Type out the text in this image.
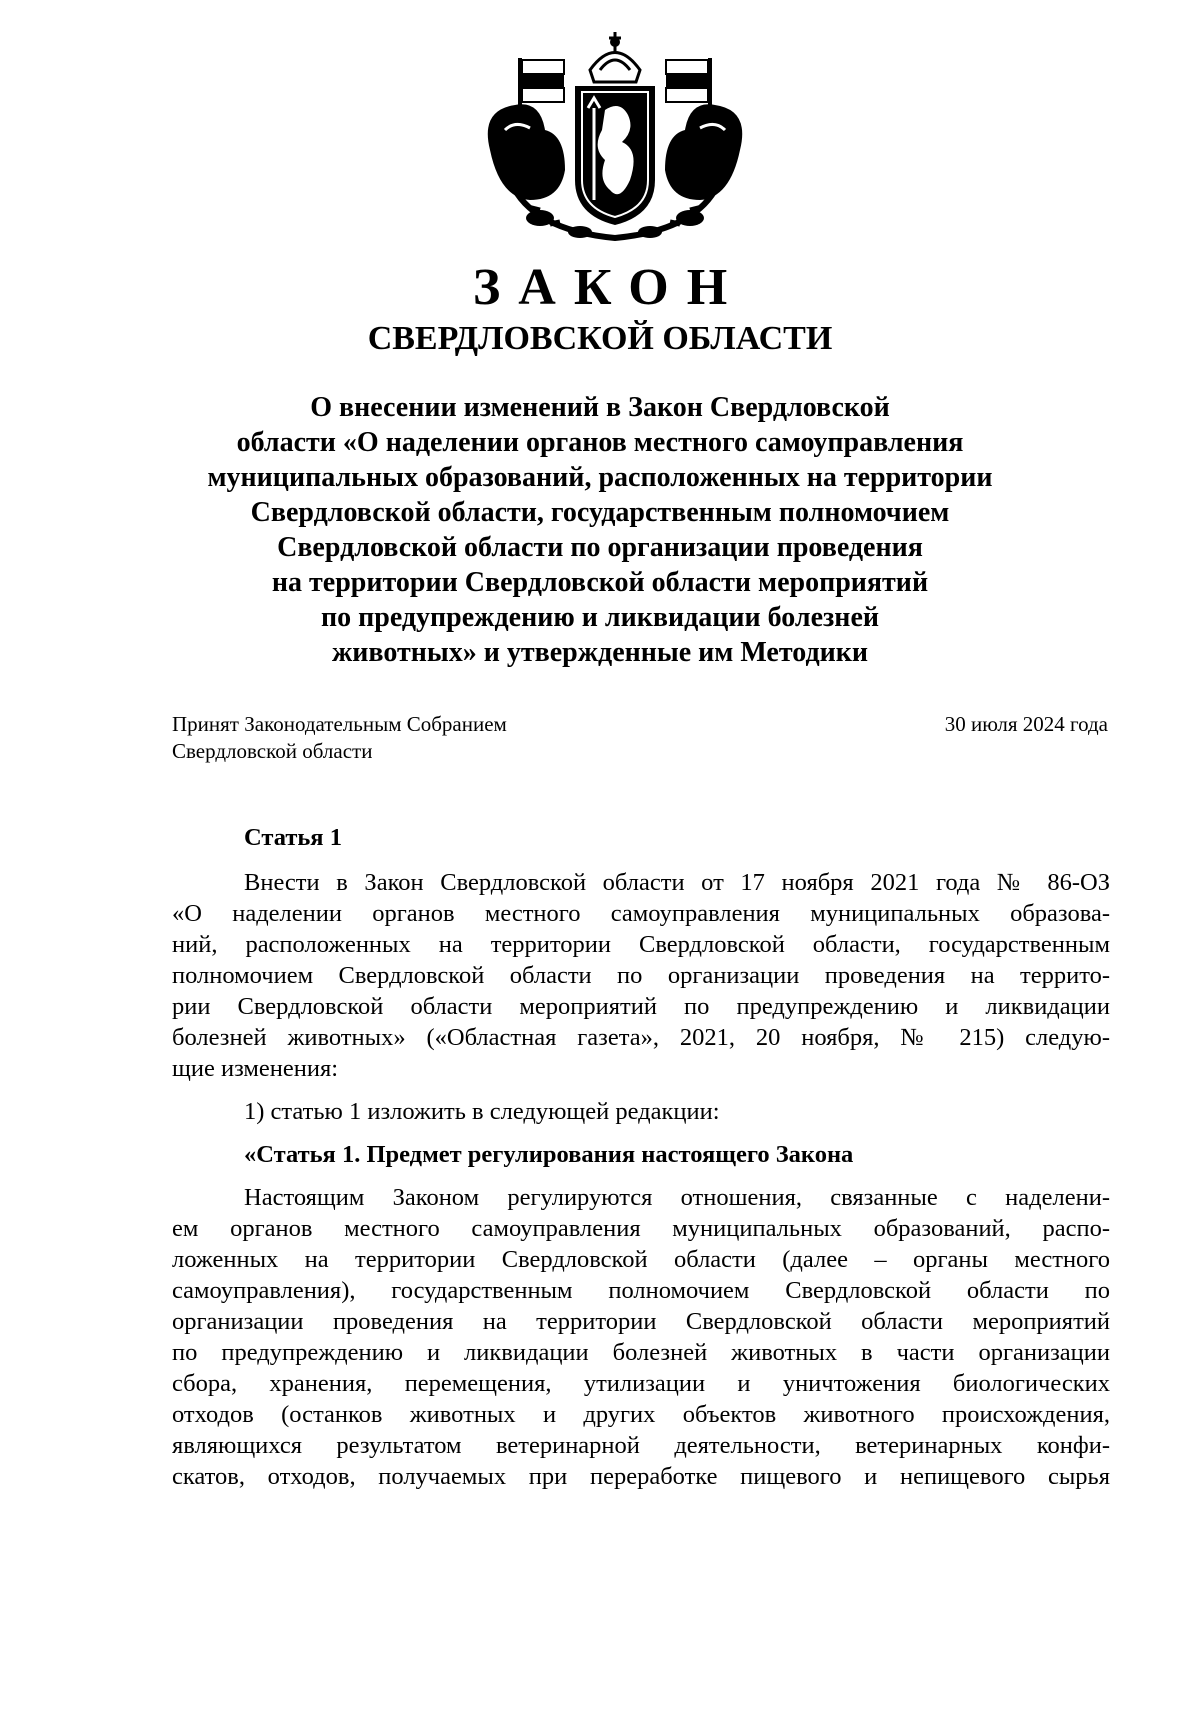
ЗАКОН
СВЕРДЛОВСКОЙ ОБЛАСТИ
О внесении изменений в Закон Свердловской
области «О наделении органов местного самоуправления
муниципальных образований, расположенных на территории
Свердловской области, государственным полномочием
Свердловской области по организации проведения
на территории Свердловской области мероприятий
по предупреждению и ликвидации болезней
животных» и утвержденные им Методики
Принят Законодательным Собранием
Свердловской области
30 июля 2024 года
Статья 1
Внести в Закон Свердловской области от 17 ноября 2021 года № 86-ОЗ
«О наделении органов местного самоуправления муниципальных образова-
ний, расположенных на территории Свердловской области, государственным
полномочием Свердловской области по организации проведения на террито-
рии Свердловской области мероприятий по предупреждению и ликвидации
болезней животных» («Областная газета», 2021, 20 ноября, № 215) следую-
щие изменения:
1) статью 1 изложить в следующей редакции:
«Статья 1. Предмет регулирования настоящего Закона
Настоящим Законом регулируются отношения, связанные с наделени-
ем органов местного самоуправления муниципальных образований, распо-
ложенных на территории Свердловской области (далее – органы местного
самоуправления), государственным полномочием Свердловской области по
организации проведения на территории Свердловской области мероприятий
по предупреждению и ликвидации болезней животных в части организации
сбора, хранения, перемещения, утилизации и уничтожения биологических
отходов (останков животных и других объектов животного происхождения,
являющихся результатом ветеринарной деятельности, ветеринарных конфи-
скатов, отходов, получаемых при переработке пищевого и непищевого сырья
